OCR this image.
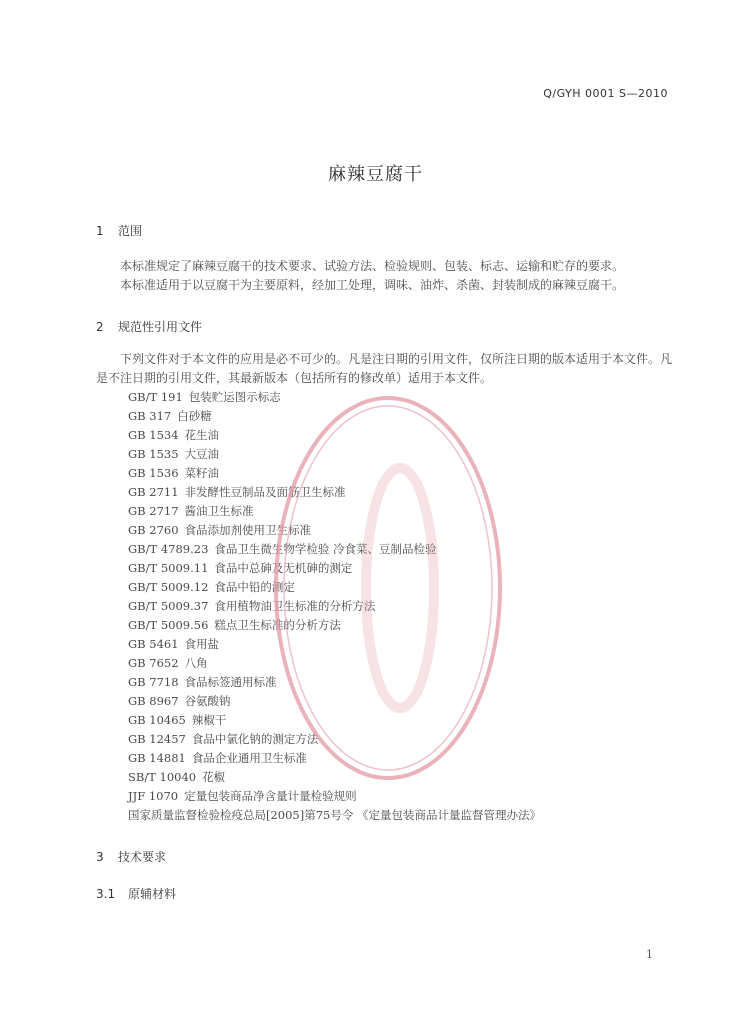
Q/GYH 0001 S—2010
麻辣豆腐干
1 范围
本标准规定了麻辣豆腐干的技术要求、试验方法、检验规则、包装、标志、运输和贮存的要求。
本标准适用于以豆腐干为主要原料，经加工处理，调味、油炸、杀菌、封装制成的麻辣豆腐干。
2 规范性引用文件
下列文件对于本文件的应用是必不可少的。凡是注日期的引用文件，仅所注日期的版本适用于本文件。凡是不注日期的引用文件，其最新版本（包括所有的修改单）适用于本文件。
GB/T 191 包装贮运图示标志
GB 317 白砂糖
GB 1534 花生油
GB 1535 大豆油
GB 1536 菜籽油
GB 2711 非发酵性豆制品及面筋卫生标准
GB 2717 酱油卫生标准
GB 2760 食品添加剂使用卫生标准
GB/T 4789.23 食品卫生微生物学检验 冷食菜、豆制品检验
GB/T 5009.11 食品中总砷及无机砷的测定
GB/T 5009.12 食品中铅的测定
GB/T 5009.37 食用植物油卫生标准的分析方法
GB/T 5009.56 糕点卫生标准的分析方法
GB 5461 食用盐
GB 7652 八角
GB 7718 食品标签通用标准
GB 8967 谷氨酸钠
GB 10465 辣椒干
GB 12457 食品中氯化钠的测定方法
GB 14881 食品企业通用卫生标准
SB/T 10040 花椒
JJF 1070 定量包装商品净含量计量检验规则
国家质量监督检验检疫总局[2005]第75号令 《定量包装商品计量监督管理办法》
3 技术要求
3.1 原辅材料
1
